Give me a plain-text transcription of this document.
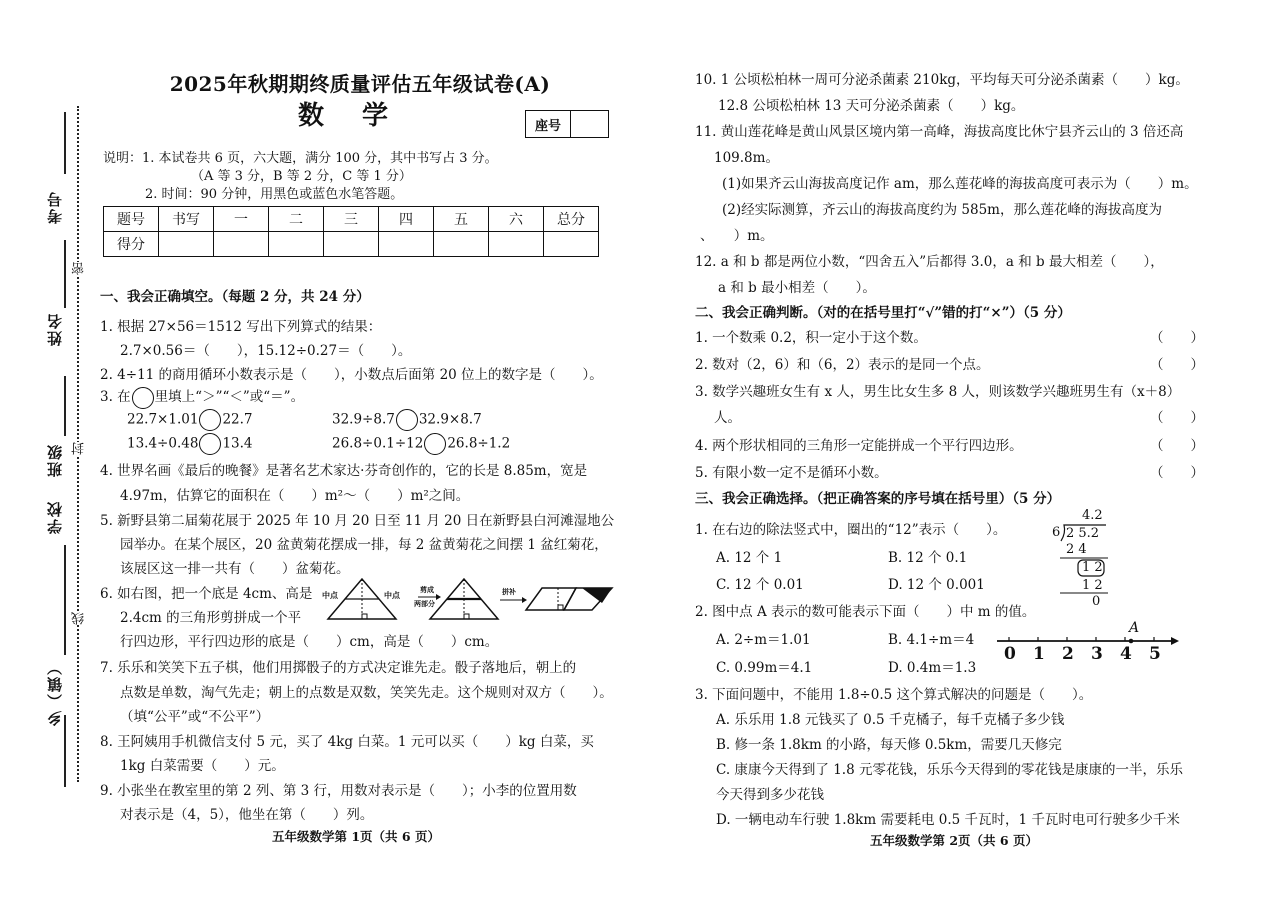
考号
姓名
班级
学校
乡（镇）
密
封
线
2025年秋期期终质量评估五年级试卷(A)
数学	座号
说明：1. 本试卷共 6 页，六大题，满分 100 分，其中书写占 3 分。
（A 等 3 分，B 等 2 分，C 等 1 分）
2. 时间：90 分钟，用黑色或蓝色水笔答题。
题号	书写	一	二	三	四	五	六	总分
得分								
一、我会正确填空。（每题 2 分，共 24 分）
1. 根据 27×56＝1512 写出下列算式的结果：
2.7×0.56＝（　　），15.12÷0.27＝（　　）。
2. 4÷11 的商用循环小数表示是（　　），小数点后面第 20 位上的数字是（　　）。
3. 在 里填上“＞”“＜”或“＝”。
22.7×1.01 22.7	32.9÷8.7 32.9×8.7
13.4÷0.48 13.4	26.8÷0.1÷12 26.8÷1.2
4. 世界名画《最后的晚餐》是著名艺术家达·芬奇创作的，它的长是 8.85m，宽是
4.97m，估算它的面积在（　　）m²～（　　）m²之间。
5. 新野县第二届菊花展于 2025 年 10 月 20 日至 11 月 20 日在新野县白河滩湿地公
园举办。在某个展区，20 盆黄菊花摆成一排，每 2 盆黄菊花之间摆 1 盆红菊花，
该展区这一排一共有（　　）盆菊花。
6. 如右图，把一个底是 4cm、高是
2.4cm 的三角形剪拼成一个平
行四边形，平行四边形的底是（　　）cm，高是（　　）cm。
中点	中点
剪成
两部分
拼补
7. 乐乐和笑笑下五子棋，他们用掷骰子的方式决定谁先走。骰子落地后，朝上的
点数是单数，淘气先走；朝上的点数是双数，笑笑先走。这个规则对双方（　　）。
（填“公平”或“不公平”）
8. 王阿姨用手机微信支付 5 元，买了 4kg 白菜。1 元可以买（　　）kg 白菜，买
1kg 白菜需要（　　）元。
9. 小张坐在教室里的第 2 列、第 3 行，用数对表示是（　　）；小李的位置用数
对表示是（4，5），他坐在第（　　）列。
五年级数学第 1页（共 6 页）
10. 1 公顷松柏林一周可分泌杀菌素 210kg，平均每天可分泌杀菌素（　　）kg。
12.8 公顷松柏林 13 天可分泌杀菌素（　　）kg。
11. 黄山莲花峰是黄山风景区境内第一高峰，海拔高度比休宁县齐云山的 3 倍还高
109.8m。
(1)如果齐云山海拔高度记作 am，那么莲花峰的海拔高度可表示为（　　）m。
(2)经实际测算，齐云山的海拔高度约为 585m，那么莲花峰的海拔高度为
、　　）m。
12. a 和 b 都是两位小数，“四舍五入”后都得 3.0，a 和 b 最大相差（　　），
a 和 b 最小相差（　　）。
二、我会正确判断。（对的在括号里打“√”错的打“×”）（5 分）
1. 一个数乘 0.2，积一定小于这个数。	（　　）
2. 数对（2，6）和（6，2）表示的是同一个点。	（　　）
3. 数学兴趣班女生有 x 人，男生比女生多 8 人，则该数学兴趣班男生有（x＋8）
人。	（　　）
4. 两个形状相同的三角形一定能拼成一个平行四边形。	（　　）
5. 有限小数一定不是循环小数。	（　　）
三、我会正确选择。（把正确答案的序号填在括号里）（5 分）
1. 在右边的除法竖式中，圈出的“12”表示（　　）。
A. 12 个 1	B. 12 个 0.1
C. 12 个 0.01	D. 12 个 0.001
4.2
6 2 5.2
2 4
1 2
1 2
0
2. 图中点 A 表示的数可能表示下面（　　）中 m 的值。
A. 2÷m＝1.01	B. 4.1÷m＝4
C. 0.99m＝4.1	D. 0.4m＝1.3
A
0 1 2 3 4 5
3. 下面问题中，不能用 1.8÷0.5 这个算式解决的问题是（　　）。
A. 乐乐用 1.8 元钱买了 0.5 千克橘子，每千克橘子多少钱
B. 修一条 1.8km 的小路，每天修 0.5km，需要几天修完
C. 康康今天得到了 1.8 元零花钱，乐乐今天得到的零花钱是康康的一半，乐乐
今天得到多少花钱
D. 一辆电动车行驶 1.8km 需要耗电 0.5 千瓦时，1 千瓦时电可行驶多少千米
五年级数学第 2页（共 6 页）
